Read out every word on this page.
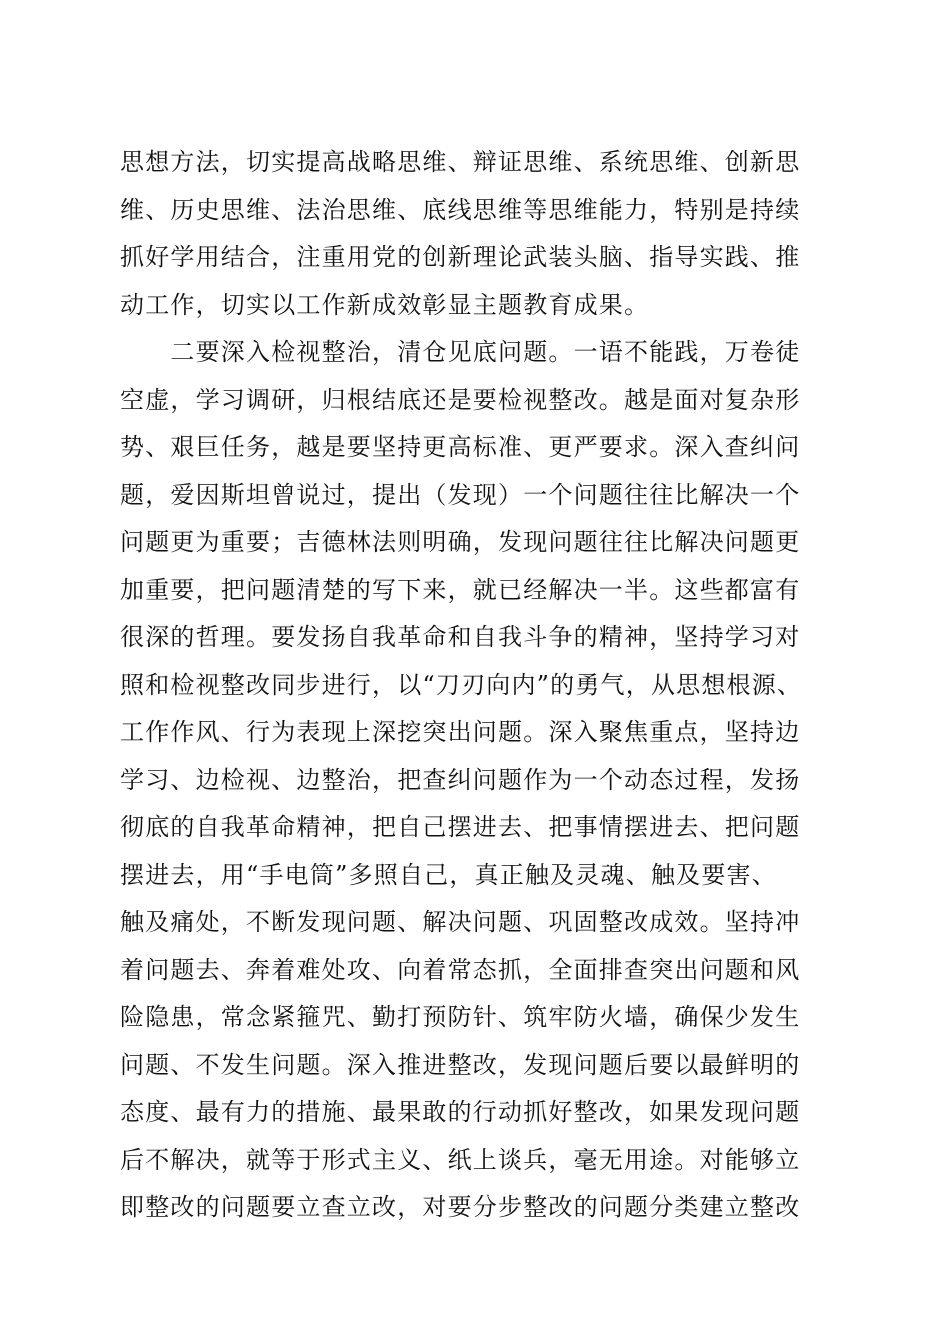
思想方法，切实提高战略思维、辩证思维、系统思维、创新思
维、历史思维、法治思维、底线思维等思维能力，特别是持续
抓好学用结合，注重用党的创新理论武装头脑、指导实践、推
动工作，切实以工作新成效彰显主题教育成果。
　　二要深入检视整治，清仓见底问题。一语不能践，万卷徒
空虚，学习调研，归根结底还是要检视整改。越是面对复杂形
势、艰巨任务，越是要坚持更高标准、更严要求。深入查纠问
题，爱因斯坦曾说过，提出（发现）一个问题往往比解决一个
问题更为重要；吉德林法则明确，发现问题往往比解决问题更
加重要，把问题清楚的写下来，就已经解决一半。这些都富有
很深的哲理。要发扬自我革命和自我斗争的精神，坚持学习对
照和检视整改同步进行，以“刀刃向内”的勇气，从思想根源、
工作作风、行为表现上深挖突出问题。深入聚焦重点，坚持边
学习、边检视、边整治，把查纠问题作为一个动态过程，发扬
彻底的自我革命精神，把自己摆进去、把事情摆进去、把问题
摆进去，用“手电筒”多照自己，真正触及灵魂、触及要害、
触及痛处，不断发现问题、解决问题、巩固整改成效。坚持冲
着问题去、奔着难处攻、向着常态抓，全面排查突出问题和风
险隐患，常念紧箍咒、勤打预防针、筑牢防火墙，确保少发生
问题、不发生问题。深入推进整改，发现问题后要以最鲜明的
态度、最有力的措施、最果敢的行动抓好整改，如果发现问题
后不解决，就等于形式主义、纸上谈兵，毫无用途。对能够立
即整改的问题要立查立改，对要分步整改的问题分类建立整改
